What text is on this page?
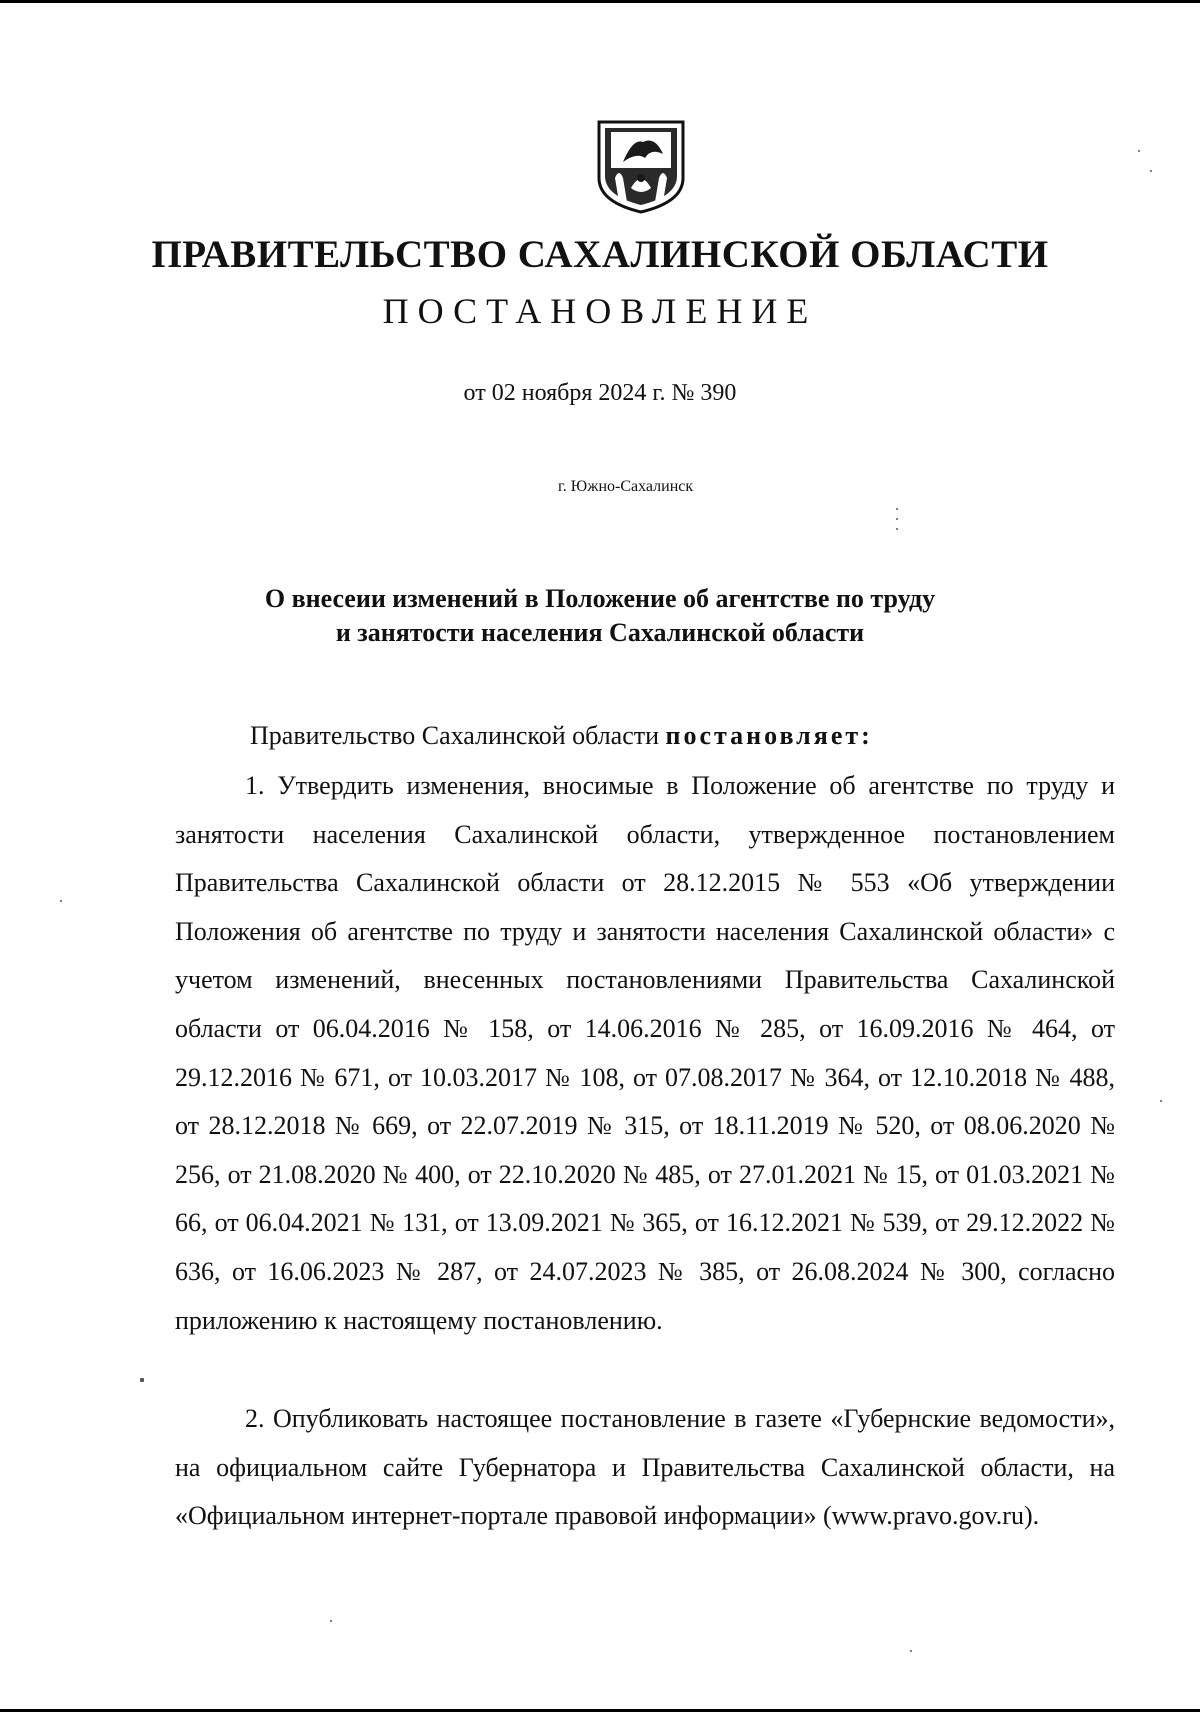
ПРАВИТЕЛЬСТВО САХАЛИНСКОЙ ОБЛАСТИ
ПОСТАНОВЛЕНИЕ
от 02 ноября 2024 г. № 390
г. Южно-Сахалинск
О внесеии изменений в Положение об агентстве по труду
и занятости населения Сахалинской области
Правительство Сахалинской области постановляет:

1. Утвердить изменения, вносимые в Положение об агентстве по труду и занятости населения Сахалинской области, утвержденное постановлением Правительства Сахалинской области от 28.12.2015 № 553 «Об утверждении Положения об агентстве по труду и занятости населения Сахалинской области» с учетом изменений, внесенных постановлениями Правительства Сахалинской области от 06.04.2016 № 158, от 14.06.2016 № 285, от 16.09.2016 № 464, от 29.12.2016 № 671, от 10.03.2017 № 108, от 07.08.2017 № 364, от 12.10.2018 № 488, от 28.12.2018 № 669, от 22.07.2019 № 315, от 18.11.2019 № 520, от 08.06.2020 № 256, от 21.08.2020 № 400, от 22.10.2020 № 485, от 27.01.2021 № 15, от 01.03.2021 № 66, от 06.04.2021 № 131, от 13.09.2021 № 365, от 16.12.2021 № 539, от 29.12.2022 № 636, от 16.06.2023 № 287, от 24.07.2023 № 385, от 26.08.2024 № 300, согласно приложению к настоящему постановлению.

2. Опубликовать настоящее постановление в газете «Губернские ведомости», на официальном сайте Губернатора и Правительства Сахалинской области, на «Официальном интернет-портале правовой информации» (www.pravo.gov.ru).
